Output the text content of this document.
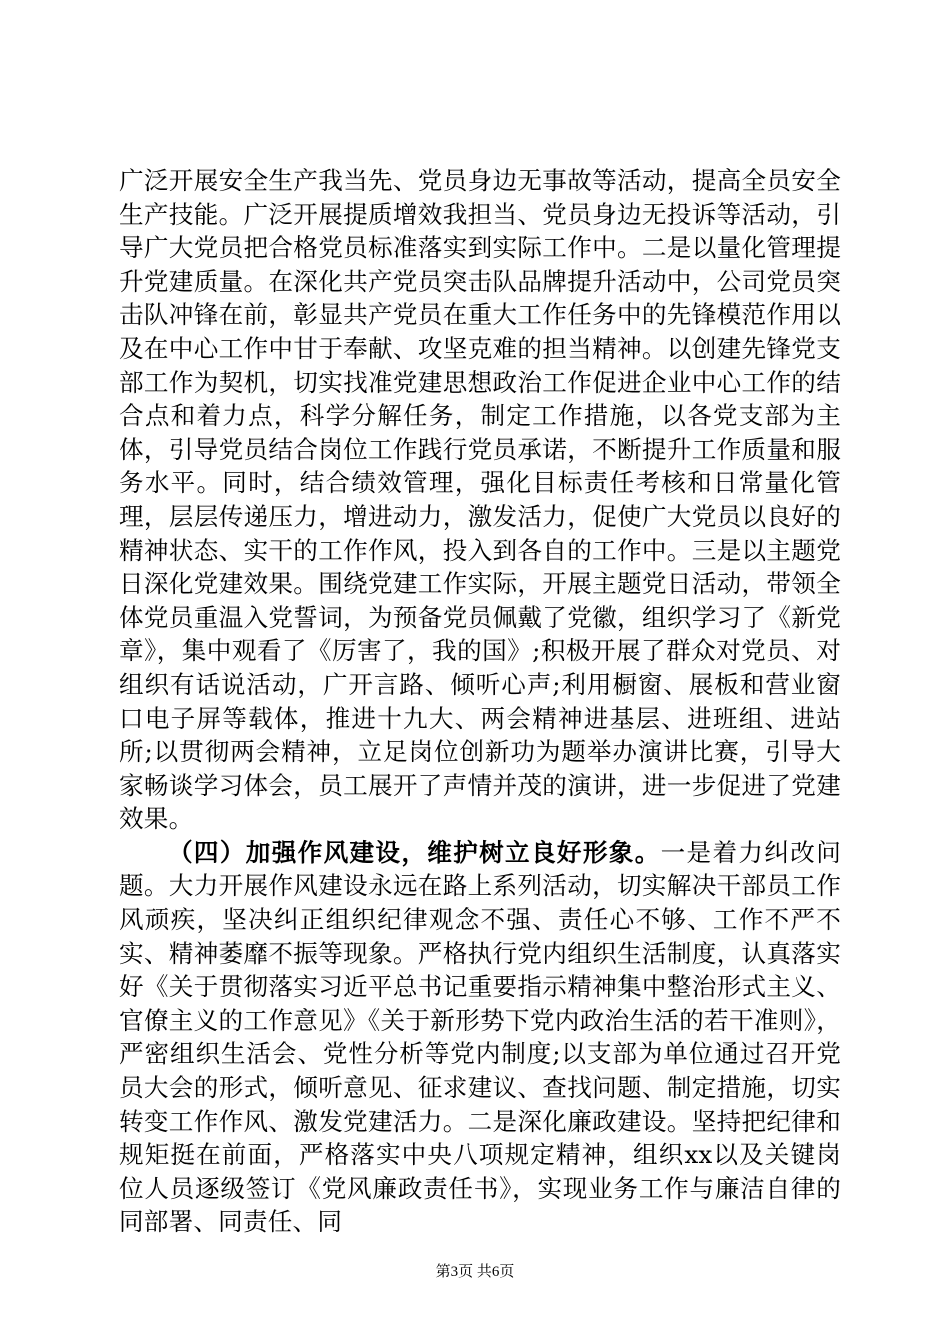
广泛开展安全生产我当先、党员身边无事故等活动，提高全员安全生产技能。广泛开展提质增效我担当、党员身边无投诉等活动，引导广大党员把合格党员标准落实到实际工作中。二是以量化管理提升党建质量。在深化共产党员突击队品牌提升活动中，公司党员突击队冲锋在前，彰显共产党员在重大工作任务中的先锋模范作用以及在中心工作中甘于奉献、攻坚克难的担当精神。以创建先锋党支部工作为契机，切实找准党建思想政治工作促进企业中心工作的结合点和着力点，科学分解任务，制定工作措施，以各党支部为主体，引导党员结合岗位工作践行党员承诺，不断提升工作质量和服务水平。同时，结合绩效管理，强化目标责任考核和日常量化管理，层层传递压力，增进动力，激发活力，促使广大党员以良好的精神状态、实干的工作作风，投入到各自的工作中。三是以主题党日深化党建效果。围绕党建工作实际，开展主题党日活动，带领全体党员重温入党誓词，为预备党员佩戴了党徽，组织学习了《新党章》，集中观看了《厉害了，我的国》;积极开展了群众对党员、对组织有话说活动，广开言路、倾听心声;利用橱窗、展板和营业窗口电子屏等载体，推进十九大、两会精神进基层、进班组、进站所;以贯彻两会精神，立足岗位创新功为题举办演讲比赛，引导大家畅谈学习体会，员工展开了声情并茂的演讲，进一步促进了党建效果。

（四）加强作风建设，维护树立良好形象。一是着力纠改问题。大力开展作风建设永远在路上系列活动，切实解决干部员工作风顽疾，坚决纠正组织纪律观念不强、责任心不够、工作不严不实、精神萎靡不振等现象。严格执行党内组织生活制度，认真落实好《关于贯彻落实习近平总书记重要指示精神集中整治形式主义、官僚主义的工作意见》《关于新形势下党内政治生活的若干准则》，严密组织生活会、党性分析等党内制度;以支部为单位通过召开党员大会的形式，倾听意见、征求建议、查找问题、制定措施，切实转变工作作风、激发党建活力。二是深化廉政建设。坚持把纪律和规矩挺在前面，严格落实中央八项规定精神，组织xx以及关键岗位人员逐级签订《党风廉政责任书》，实现业务工作与廉洁自律的同部署、同责任、同

第3页 共6页
